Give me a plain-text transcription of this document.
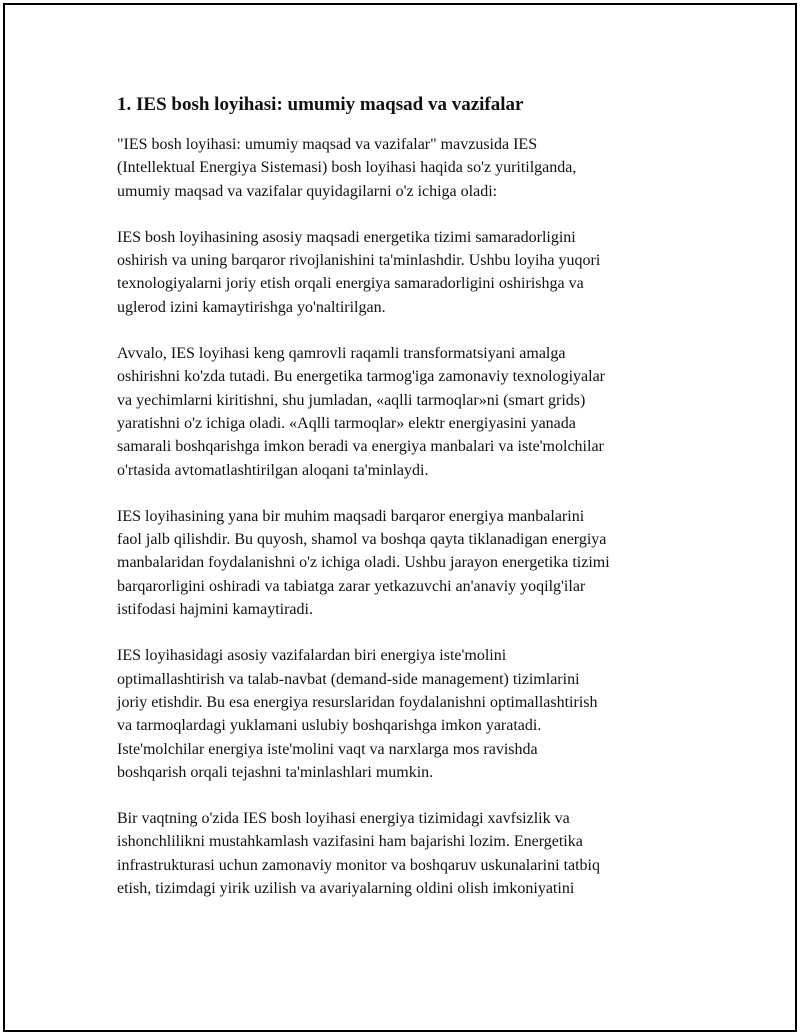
1. IES bosh loyihasi: umumiy maqsad va vazifalar

"IES bosh loyihasi: umumiy maqsad va vazifalar" mavzusida IES
(Intellektual Energiya Sistemasi) bosh loyihasi haqida so'z yuritilganda,
umumiy maqsad va vazifalar quyidagilarni o'z ichiga oladi:

IES bosh loyihasining asosiy maqsadi energetika tizimi samaradorligini
oshirish va uning barqaror rivojlanishini ta'minlashdir. Ushbu loyiha yuqori
texnologiyalarni joriy etish orqali energiya samaradorligini oshirishga va
uglerod izini kamaytirishga yo'naltirilgan.

Avvalo, IES loyihasi keng qamrovli raqamli transformatsiyani amalga
oshirishni ko'zda tutadi. Bu energetika tarmog'iga zamonaviy texnologiyalar
va yechimlarni kiritishni, shu jumladan, «aqlli tarmoqlar»ni (smart grids)
yaratishni o'z ichiga oladi. «Aqlli tarmoqlar» elektr energiyasini yanada
samarali boshqarishga imkon beradi va energiya manbalari va iste'molchilar
o'rtasida avtomatlashtirilgan aloqani ta'minlaydi.

IES loyihasining yana bir muhim maqsadi barqaror energiya manbalarini
faol jalb qilishdir. Bu quyosh, shamol va boshqa qayta tiklanadigan energiya
manbalaridan foydalanishni o'z ichiga oladi. Ushbu jarayon energetika tizimi
barqarorligini oshiradi va tabiatga zarar yetkazuvchi an'anaviy yoqilg'ilar
istifodasi hajmini kamaytiradi.

IES loyihasidagi asosiy vazifalardan biri energiya iste'molini
optimallashtirish va talab-navbat (demand-side management) tizimlarini
joriy etishdir. Bu esa energiya resurslaridan foydalanishni optimallashtirish
va tarmoqlardagi yuklamani uslubiy boshqarishga imkon yaratadi.
Iste'molchilar energiya iste'molini vaqt va narxlarga mos ravishda
boshqarish orqali tejashni ta'minlashlari mumkin.

Bir vaqtning o'zida IES bosh loyihasi energiya tizimidagi xavfsizlik va
ishonchlilikni mustahkamlash vazifasini ham bajarishi lozim. Energetika
infrastrukturasi uchun zamonaviy monitor va boshqaruv uskunalarini tatbiq
etish, tizimdagi yirik uzilish va avariyalarning oldini olish imkoniyatini
